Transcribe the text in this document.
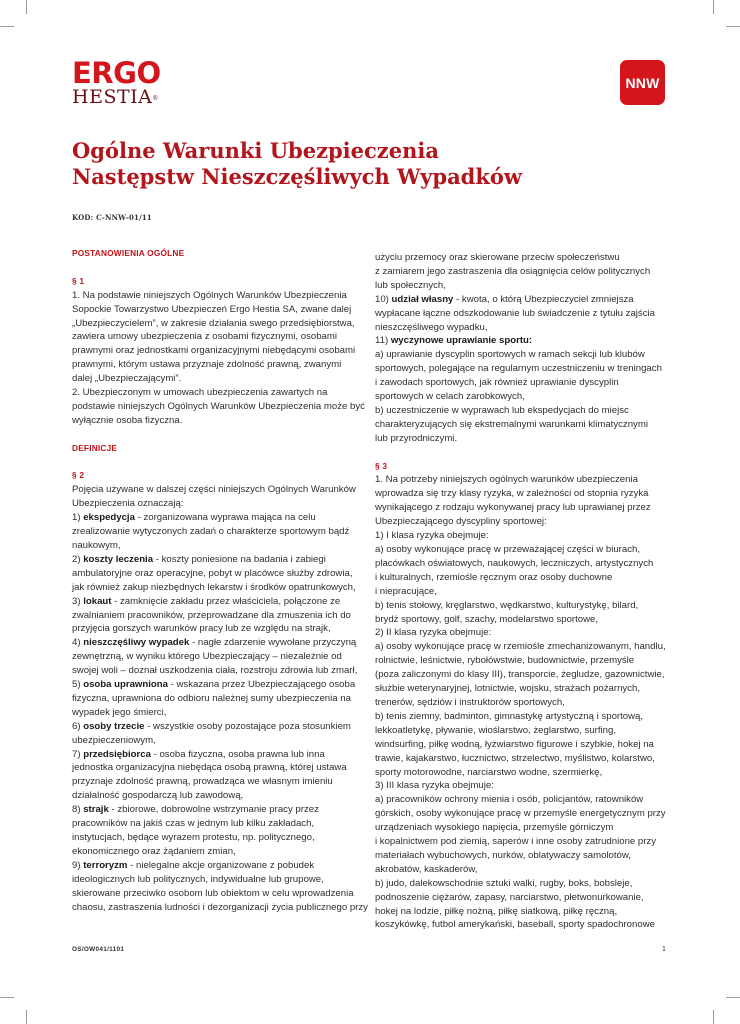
ERGO
HESTIA®
NNW
Ogólne Warunki Ubezpieczenia
Następstw Nieszczęśliwych Wypadków
KOD: C-NNW-01/11
POSTANOWIENIA OGÓLNE
§ 1
1. Na podstawie niniejszych Ogólnych Warunków Ubezpieczenia
Sopockie Towarzystwo Ubezpieczeń Ergo Hestia SA, zwane dalej
„Ubezpieczycielem”, w zakresie działania swego przedsiębiorstwa,
zawiera umowy ubezpieczenia z osobami fizycznymi, osobami
prawnymi oraz jednostkami organizacyjnymi niebędącymi osobami
prawnymi, którym ustawa przyznaje zdolność prawną, zwanymi
dalej „Ubezpieczającymi”.
2. Ubezpieczonym w umowach ubezpieczenia zawartych na
podstawie niniejszych Ogólnych Warunków Ubezpieczenia może być
wyłącznie osoba fizyczna.
DEFINICJE
§ 2
Pojęcia używane w dalszej części niniejszych Ogólnych Warunków
Ubezpieczenia oznaczają:
1) ekspedycja - zorganizowana wyprawa mająca na celu
zrealizowanie wytyczonych zadań o charakterze sportowym bądź
naukowym,
2) koszty leczenia - koszty poniesione na badania i zabiegi
ambulatoryjne oraz operacyjne, pobyt w placówce służby zdrowia,
jak również zakup niezbędnych lekarstw i środków opatrunkowych,
3) lokaut - zamknięcie zakładu przez właściciela, połączone ze
zwalnianiem pracowników, przeprowadzane dla zmuszenia ich do
przyjęcia gorszych warunków pracy lub ze względu na strajk,
4) nieszczęśliwy wypadek - nagłe zdarzenie wywołane przyczyną
zewnętrzną, w wyniku którego Ubezpieczający – niezależnie od
swojej woli – doznał uszkodzenia ciała, rozstroju zdrowia lub zmarł,
5) osoba uprawniona - wskazana przez Ubezpieczającego osoba
fizyczna, uprawniona do odbioru należnej sumy ubezpieczenia na
wypadek jego śmierci,
6) osoby trzecie - wszystkie osoby pozostające poza stosunkiem
ubezpieczeniowym,
7) przedsiębiorca - osoba fizyczna, osoba prawna lub inna
jednostka organizacyjna niebędąca osobą prawną, której ustawa
przyznaje zdolność prawną, prowadząca we własnym imieniu
działalność gospodarczą lub zawodową,
8) strajk - zbiorowe, dobrowolne wstrzymanie pracy przez
pracowników na jakiś czas w jednym lub kilku zakładach,
instytucjach, będące wyrazem protestu, np. politycznego,
ekonomicznego oraz żądaniem zmian,
9) terroryzm - nielegalne akcje organizowane z pobudek
ideologicznych lub politycznych, indywidualne lub grupowe,
skierowane przeciwko osobom lub obiektom w celu wprowadzenia
chaosu, zastraszenia ludności i dezorganizacji życia publicznego przy
użyciu przemocy oraz skierowane przeciw społeczeństwu
z zamiarem jego zastraszenia dla osiągnięcia celów politycznych
lub społecznych,
10) udział własny - kwota, o którą Ubezpieczyciel zmniejsza
wypłacane łączne odszkodowanie lub świadczenie z tytułu zajścia
nieszczęśliwego wypadku,
11) wyczynowe uprawianie sportu:
a) uprawianie dyscyplin sportowych w ramach sekcji lub klubów
sportowych, polegające na regularnym uczestniczeniu w treningach
i zawodach sportowych, jak również uprawianie dyscyplin
sportowych w celach zarobkowych,
b) uczestniczenie w wyprawach lub ekspedycjach do miejsc
charakteryzujących się ekstremalnymi warunkami klimatycznymi
lub przyrodniczymi.
§ 3
1. Na potrzeby niniejszych ogólnych warunków ubezpieczenia
wprowadza się trzy klasy ryzyka, w zależności od stopnia ryzyka
wynikającego z rodzaju wykonywanej pracy lub uprawianej przez
Ubezpieczającego dyscypliny sportowej:
1) I klasa ryzyka obejmuje:
a) osoby wykonujące pracę w przeważającej części w biurach,
placówkach oświatowych, naukowych, leczniczych, artystycznych
i kulturalnych, rzemiośle ręcznym oraz osoby duchowne
i niepracujące,
b) tenis stołowy, kręglarstwo, wędkarstwo, kulturystykę, bilard,
brydż sportowy, golf, szachy, modelarstwo sportowe,
2) II klasa ryzyka obejmuje:
a) osoby wykonujące pracę w rzemiośle zmechanizowanym, handlu,
rolnictwie, leśnictwie, rybołówstwie, budownictwie, przemyśle
(poza zaliczonymi do klasy III), transporcie, żegludze, gazownictwie,
służbie weterynaryjnej, lotnictwie, wojsku, strażach pożarnych,
trenerów, sędziów i instruktorów sportowych,
b) tenis ziemny, badminton, gimnastykę artystyczną i sportową,
lekkoatletykę, pływanie, wioślarstwo, żeglarstwo, surfing,
windsurfing, piłkę wodną, łyżwiarstwo figurowe i szybkie, hokej na
trawie, kajakarstwo, łucznictwo, strzelectwo, myślistwo, kolarstwo,
sporty motorowodne, narciarstwo wodne, szermierkę,
3) III klasa ryzyka obejmuje:
a) pracowników ochrony mienia i osób, policjantów, ratowników
górskich, osoby wykonujące pracę w przemyśle energetycznym przy
urządzeniach wysokiego napięcia, przemyśle górniczym
i kopalnictwem pod ziemią, saperów i inne osoby zatrudnione przy
materiałach wybuchowych, nurków, oblatywaczy samolotów,
akrobatów, kaskaderów,
b) judo, dalekowschodnie sztuki walki, rugby, boks, bobsleje,
podnoszenie ciężarów, zapasy, narciarstwo, płetwonurkowanie,
hokej na lodzie, piłkę nożną, piłkę siatkową, piłkę ręczną,
koszykówkę, futbol amerykański, baseball, sporty spadochronowe
OS/OW041/1101	1
